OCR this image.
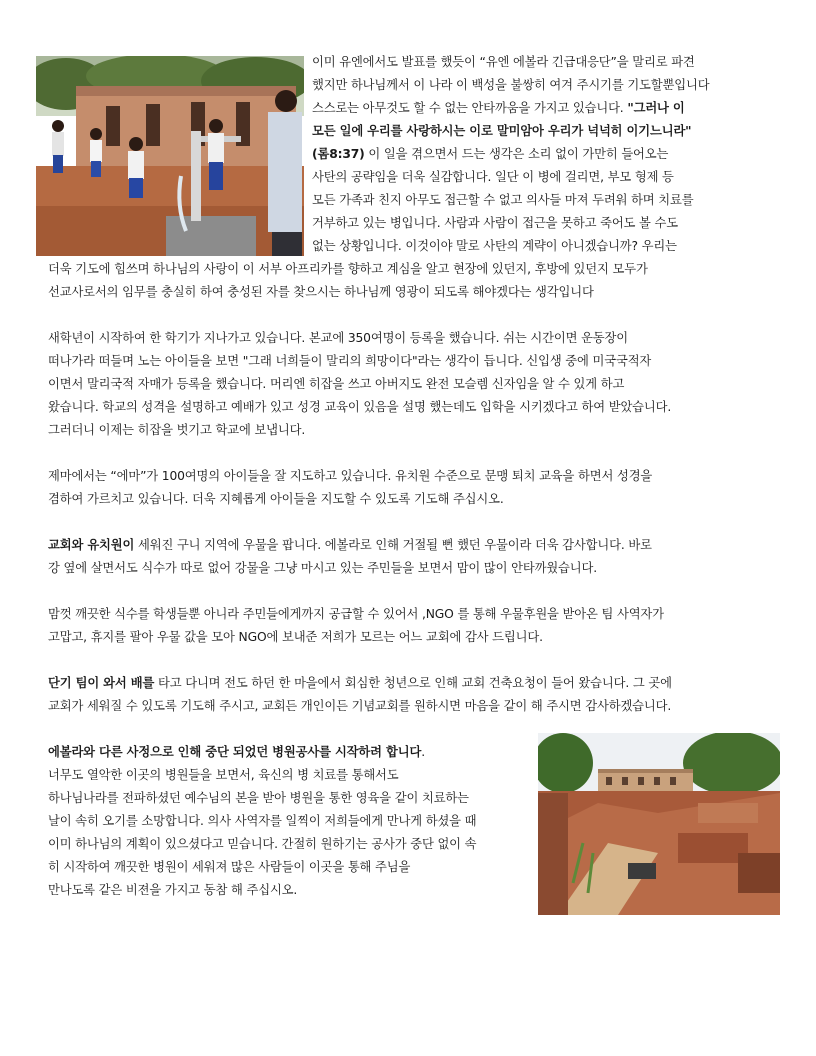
이미 유엔에서도 발표를 했듯이 “유엔 에볼라 긴급대응단”을 말리로 파견
했지만 하나님께서 이 나라 이 백성을 불쌍히 여겨 주시기를 기도할뿐입니다
스스로는 아무것도 할 수 없는 안타까움을 가지고 있습니다. "그러나 이
모든 일에 우리를 사랑하시는 이로 말미암아 우리가 넉넉히 이기느니라"
(롬8:37) 이 일을 겪으면서 드는 생각은 소리 없이 가만히 들어오는
사탄의 공략임을 더욱 실감합니다. 일단 이 병에 걸리면, 부모 형제 등
모든 가족과 친지 아무도 접근할 수 없고 의사들 마져 두려워 하며 치료를
거부하고 있는 병입니다. 사람과 사람이 접근을 못하고 죽어도 볼 수도
없는 상황입니다. 이것이야 말로 사탄의 계략이 아니겠습니까? 우리는
더욱 기도에 힘쓰며 하나님의 사랑이 이 서부 아프리카를 향하고 계심을 알고 현장에 있던지, 후방에 있던지 모두가
선교사로서의 임무를 충실히 하여 충성된 자를 찾으시는 하나님께 영광이 되도록 해야겠다는 생각입니다
새학년이 시작하여 한 학기가 지나가고 있습니다. 본교에 350여명이 등록을 했습니다. 쉬는 시간이면 운동장이
떠나가라 떠들며 노는 아이들을 보면 "그래 너희들이 말리의 희망이다"라는 생각이 듭니다. 신입생 중에 미국국적자
이면서 말리국적 자매가 등록을 했습니다. 머리엔 히잡을 쓰고 아버지도 완전 모슬렘 신자임을 알 수 있게 하고
왔습니다. 학교의 성격을 설명하고 예배가 있고 성경 교육이 있음을 설명 했는데도 입학을 시키겠다고 하여 받았습니다.
그러더니 이제는 히잡을 벗기고 학교에 보냅니다.
제마에서는 “에마”가 100여명의 아이들을 잘 지도하고 있습니다. 유치원 수준으로 문맹 퇴치 교육을 하면서 성경을
겸하여 가르치고 있습니다. 더욱 지혜롭게 아이들을 지도할 수 있도록 기도해 주십시오.
교회와 유치원이 세워진 구니 지역에 우물을 팝니다. 에볼라로 인해 거절될 뻔 했던 우물이라 더욱 감사합니다. 바로
강 옆에 살면서도 식수가 따로 없어 강물을 그냥 마시고 있는 주민들을 보면서 맘이 많이 안타까웠습니다.
맘껏 깨끗한 식수를 학생들뿐 아니라 주민들에게까지 공급할 수 있어서 ,NGO 를 통해 우물후원을 받아온 팀 사역자가
고맙고, 휴지를 팔아 우물 값을 모아 NGO에 보내준 저희가 모르는 어느 교회에 감사 드립니다.
단기 팀이 와서 배를 타고 다니며 전도 하던 한 마을에서 회심한 청년으로 인해 교회 건축요청이 들어 왔습니다. 그 곳에
교회가 세워질 수 있도록 기도해 주시고, 교회든 개인이든 기념교회를 원하시면 마음을 같이 해 주시면 감사하겠습니다.
에볼라와 다른 사정으로 인해 중단 되었던 병원공사를 시작하려 합니다.
너무도 열악한 이곳의 병원들을 보면서, 육신의 병 치료를 통해서도
하나님나라를 전파하셨던 예수님의 본을 받아 병원을 통한 영육을 같이 치료하는
날이 속히 오기를 소망합니다. 의사 사역자를 일찍이 저희들에게 만나게 하셨을 때
이미 하나님의 계획이 있으셨다고 믿습니다. 간절히 원하기는 공사가 중단 없이 속
히 시작하여 깨끗한 병원이 세워져 많은 사람들이 이곳을 통해 주님을
만나도록 같은 비젼을 가지고 동참 해 주십시오.
